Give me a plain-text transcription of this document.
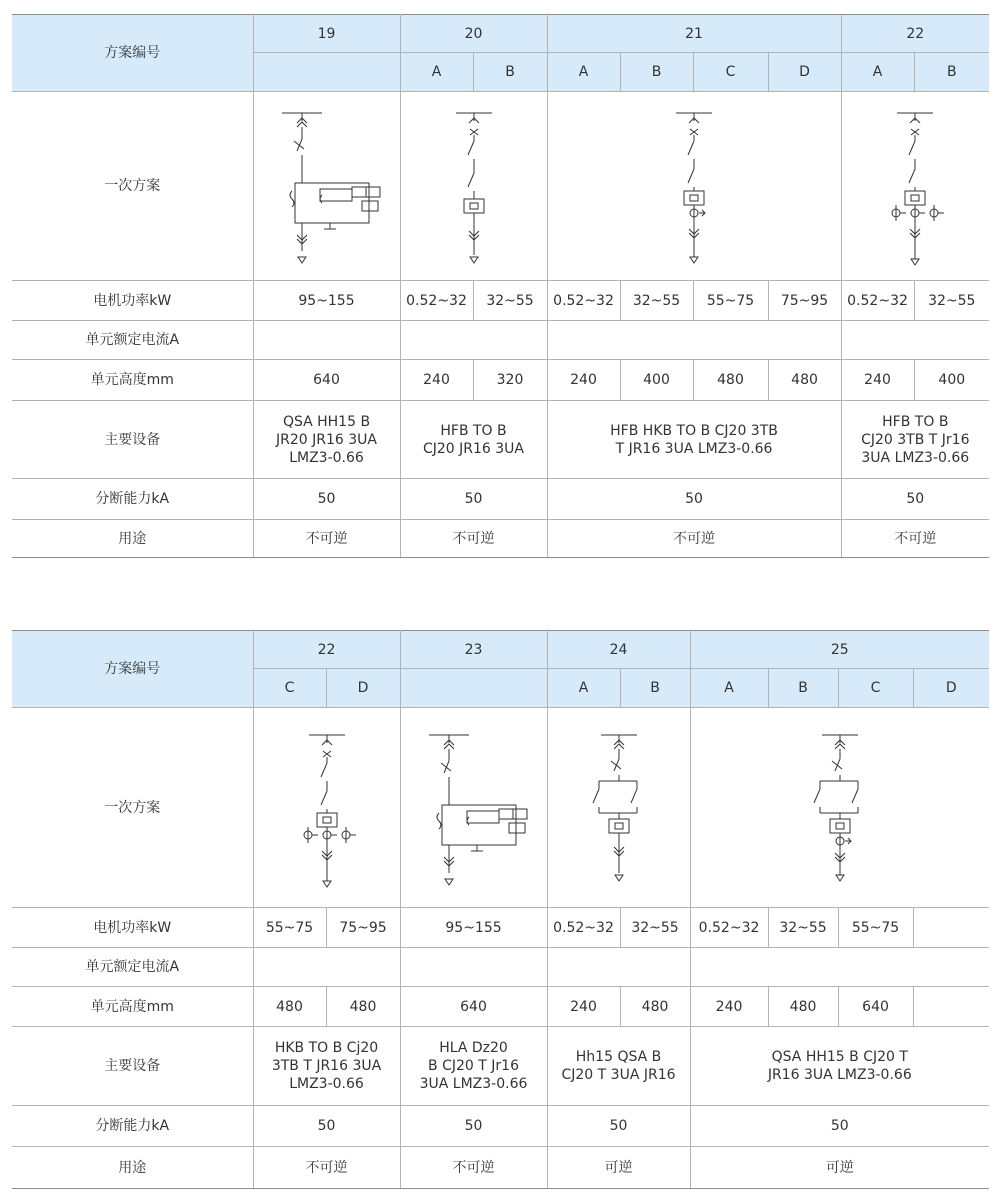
方案编号	19	20		21				22	
		A	B	A	B	C	D	A	B
一次方案	

电机功率kW	95~155	0.52~32	32~55	0.52~32	32~55	55~75	75~95	0.52~32	32~55
单元额定电流A									
单元高度mm	640	240	320	240	400	480	480	240	400
主要设备	QSA HH15 B
JR20 JR16 3UA
LMZ3-0.66	HFB TO B
CJ20 JR16 3UA		HFB HKB TO B CJ20 3TB
T JR16 3UA LMZ3-0.66				HFB TO B
CJ20 3TB T Jr16
3UA LMZ3-0.66	
分断能力kA	50	50		50				50	
用途	不可逆	不可逆		不可逆				不可逆	
方案编号	22		23	24		25			
	C	D		A	B	A	B	C	D
一次方案	

电机功率kW	55~75	75~95	95~155	0.52~32	32~55	0.52~32	32~55	55~75	
单元额定电流A									
单元高度mm	480	480	640	240	480	240	480	640	
主要设备	HKB TO B Cj20
3TB T JR16 3UA
LMZ3-0.66		HLA Dz20
B CJ20 T Jr16
3UA LMZ3-0.66	Hh15 QSA B
CJ20 T 3UA JR16		QSA HH15 B CJ20 T
JR16 3UA LMZ3-0.66			
分断能力kA	50		50	50		50			
用途	不可逆		不可逆	可逆		可逆			
